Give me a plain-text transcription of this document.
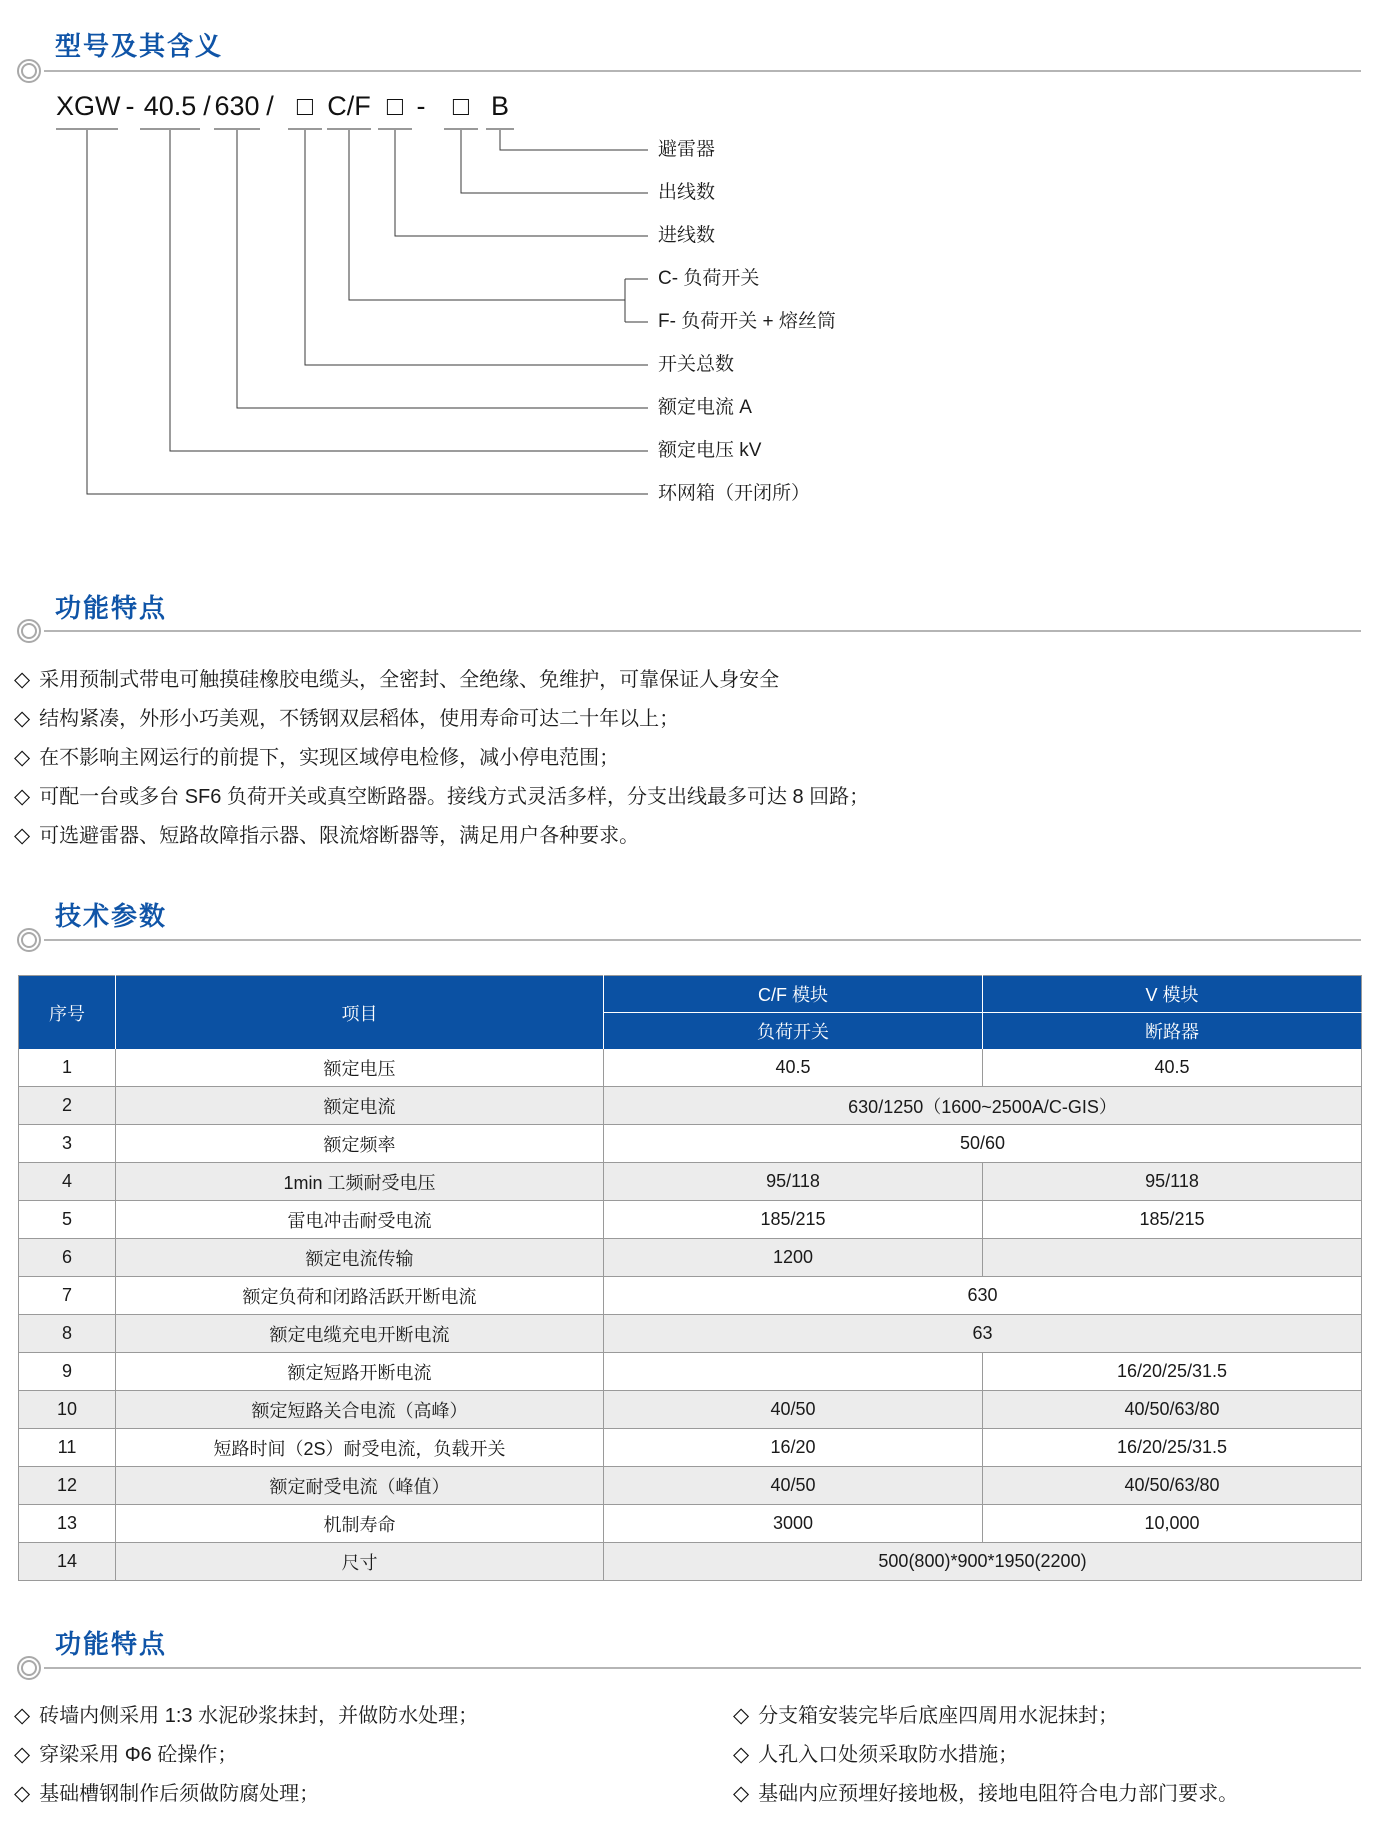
型号及其含义
XGW - 40.5 / 630 / □ C/F □ -	□ B
避雷器
出线数
进线数
C- 负荷开关
F- 负荷开关 + 熔丝筒
开关总数
额定电流 A
额定电压 kV
环网箱（开闭所）
功能特点
◇ 采用预制式带电可触摸硅橡胶电缆头，全密封、全绝缘、免维护，可靠保证人身安全
◇ 结构紧凑，外形小巧美观，不锈钢双层稻体，使用寿命可达二十年以上；
◇ 在不影响主网运行的前提下，实现区域停电检修，减小停电范围；
◇ 可配一台或多台 SF6 负荷开关或真空断路器。接线方式灵活多样，分支出线最多可达 8 回路；
◇ 可选避雷器、短路故障指示器、限流熔断器等，满足用户各种要求。
技术参数
序号	项目	C/F 模块	V 模块
		负荷开关	断路器
1	额定电压	40.5	40.5
2	额定电流	630/1250（1600~2500A/C-GIS）	
3	额定频率	50/60	
4	1min 工频耐受电压	95/118	95/118
5	雷电冲击耐受电流	185/215	185/215
6	额定电流传输	1200	
7	额定负荷和闭路活跃开断电流	630	
8	额定电缆充电开断电流	63	
9	额定短路开断电流		16/20/25/31.5
10	额定短路关合电流（高峰）	40/50	40/50/63/80
11	短路时间（2S）耐受电流，负载开关	16/20	16/20/25/31.5
12	额定耐受电流（峰值）	40/50	40/50/63/80
13	机制寿命	3000	10,000
14	尺寸	500(800)*900*1950(2200)	
功能特点
◇ 砖墙内侧采用 1:3 水泥砂浆抹封，并做防水处理；
◇ 穿梁采用 Φ6 砼操作；
◇ 基础槽钢制作后须做防腐处理；
◇ 分支箱安装完毕后底座四周用水泥抹封；
◇ 人孔入口处须采取防水措施；
◇ 基础内应预埋好接地极，接地电阻符合电力部门要求。
